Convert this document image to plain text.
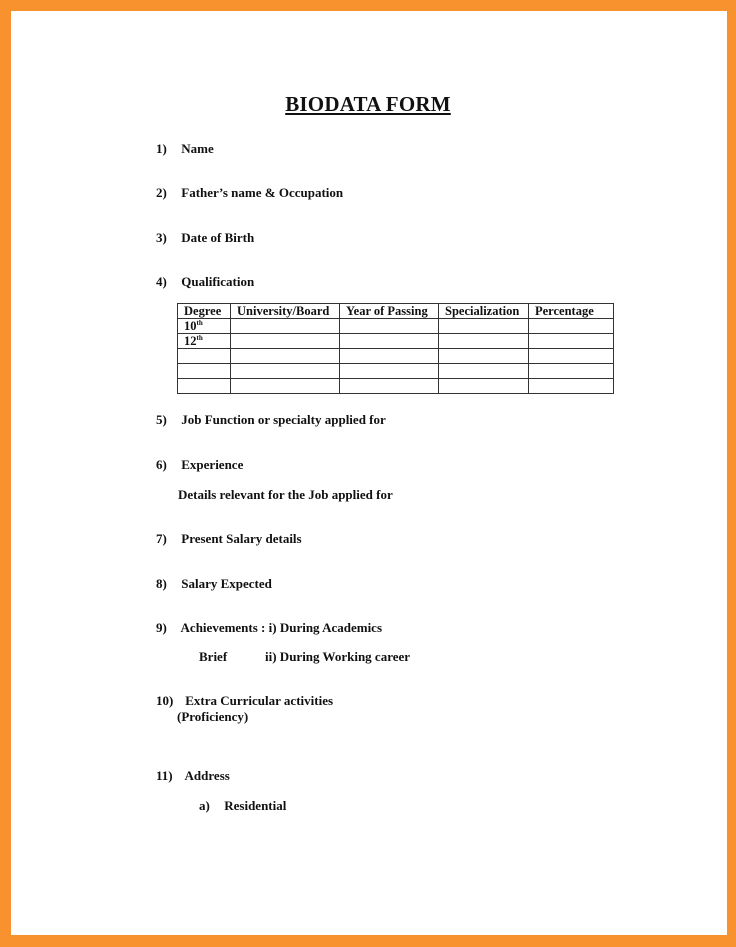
BIODATA FORM
1) Name
2) Father’s name & Occupation
3) Date of Birth
4) Qualification
Degree	University/Board	Year of Passing	Specialization	Percentage
10th				
12th				

5) Job Function or specialty applied for
6) Experience
Details relevant for the Job applied for
7) Present Salary details
8) Salary Expected
9) Achievements : i) During Academics
Brief	ii) During Working career
10) Extra Curricular activities
(Proficiency)
11) Address
a) Residential
